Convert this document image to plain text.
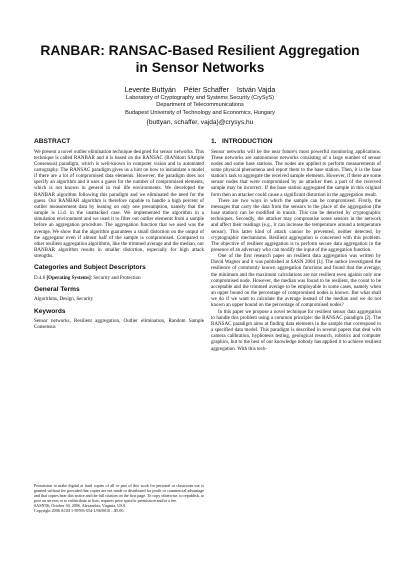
RANBAR: RANSAC-Based Resilient Aggregation
in Sensor Networks
Levente Buttyán    Péter Schaffer    István Vajda
Laboratory of Cryptography and Systems Security (CrySyS)
Department of Telecommunications
Budapest University of Technology and Economics, Hungary
{buttyan, schaffer, vajda}@crysys.hu
ABSTRACT

We present a novel outlier elimination technique designed for sensor networks. This technique is called RANBAR and it is based on the RANSAC (RANdom SAmple Consensus) paradigm, which is well-known in computer vision and in automated cartography. The RANSAC paradigm gives us a hint on how to instantiate a model if there are a lot of compromised data elements. However, the paradigm does not specify an algorithm and it uses a guess for the number of compromised elements, which is not known in general in real life environments. We developed the RANBAR algorithm following this paradigm and we eliminated the need for the guess. Our RANBAR algorithm is therefore capable to handle a high percent of outlier measurement data by leaning on only one presumption, namely that the sample is i.i.d. in the unattacked case. We implemented the algorithm in a simulation environment and we used it to filter out outlier elements from a sample before an aggregation procedure. The aggregation function that we used was the average. We show that the algorithm guarantees a small distortion on the output of the aggregator even if almost half of the sample is compromised. Compared to other resilient aggregation algorithms, like the trimmed average and the median, our RANBAR algorithm results in smaller distortion, especially for high attack strengths.

Categories and Subject Descriptors

D.4.6 [Operating Systems]: Security and Protection

General Terms

Algorithms, Design, Security

Keywords

Sensor networks, Resilient aggregation, Outlier elimination, Random Sample Consensus

Permission to make digital or hard copies of all or part of this work for personal or classroom use is granted without fee provided that copies are not made or distributed for profit or commercial advantage and that copies bear this notice and the full citation on the first page. To copy otherwise, to republish, to post on servers or to redistribute to lists, requires prior specific permission and/or a fee.

SASN'06, October 30, 2006, Alexandria, Virginia, USA.

Copyright 2006 ACM 1-59593-554-1/06/0010 ...$5.00.

1.   INTRODUCTION

Sensor networks will be the near future's most powerful monitoring applications. These networks are autonomous networks consisting of a large number of sensor nodes and some base stations. The nodes are applied to perform measurements of some physical phenomena and report them to the base station. Then, it is the base station's task to aggregate the received sample elements. However, if there are some sensor nodes that were compromised by an attacker then a part of the received sample may be incorrect. If the base station aggregated the sample in this original form then an attacker could cause a significant distortion in the aggregation result.

There are two ways in which the sample can be compromised. Firstly, the messages that carry the data from the sensors to the place of the aggregation (the base station) can be modified in transit. This can be detected by cryptographic techniques. Secondly, the attacker may compromise some sensors in the network and affect their readings (e.g., it can increase the temperature around a temperature sensor). This latter kind of attack cannot be prevented, neither detected, by cryptographic mechanisms. Resilient aggregation is concerned with this problem. The objective of resilient aggregation is to perform secure data aggregation in the presence of an adversary who can modify the input of the aggregation function.

One of the first research paper on resilient data aggregation was written by David Wagner and it was published at SASN 2004 [1]. The author investigated the resilience of commonly known aggregation functions and found that the average, the minimum and the maximum calculations are not resilient even against only one compromised node. However, the median was found to be resilient, the count to be acceptable and the trimmed average to be employable in some cases, namely when an upper bound on the percentage of compromised nodes is known. But what shall we do if we want to calculate the average instead of the median and we do not known an upper bound on the percentage of compromised nodes?

In this paper we propose a novel technique for resilient sensor data aggregation to handle this problem using a common principle: the RANSAC paradigm [2]. The RANSAC paradigm aims at finding data elements in the sample that correspond to a specified data model. This paradigm is described in several papers that deal with camera calibration, hyphotesis testing, geological research, robotics and computer graphics, but to the best of our knowledge nobody has applied it to achieve resilient aggregation. With this tech-
